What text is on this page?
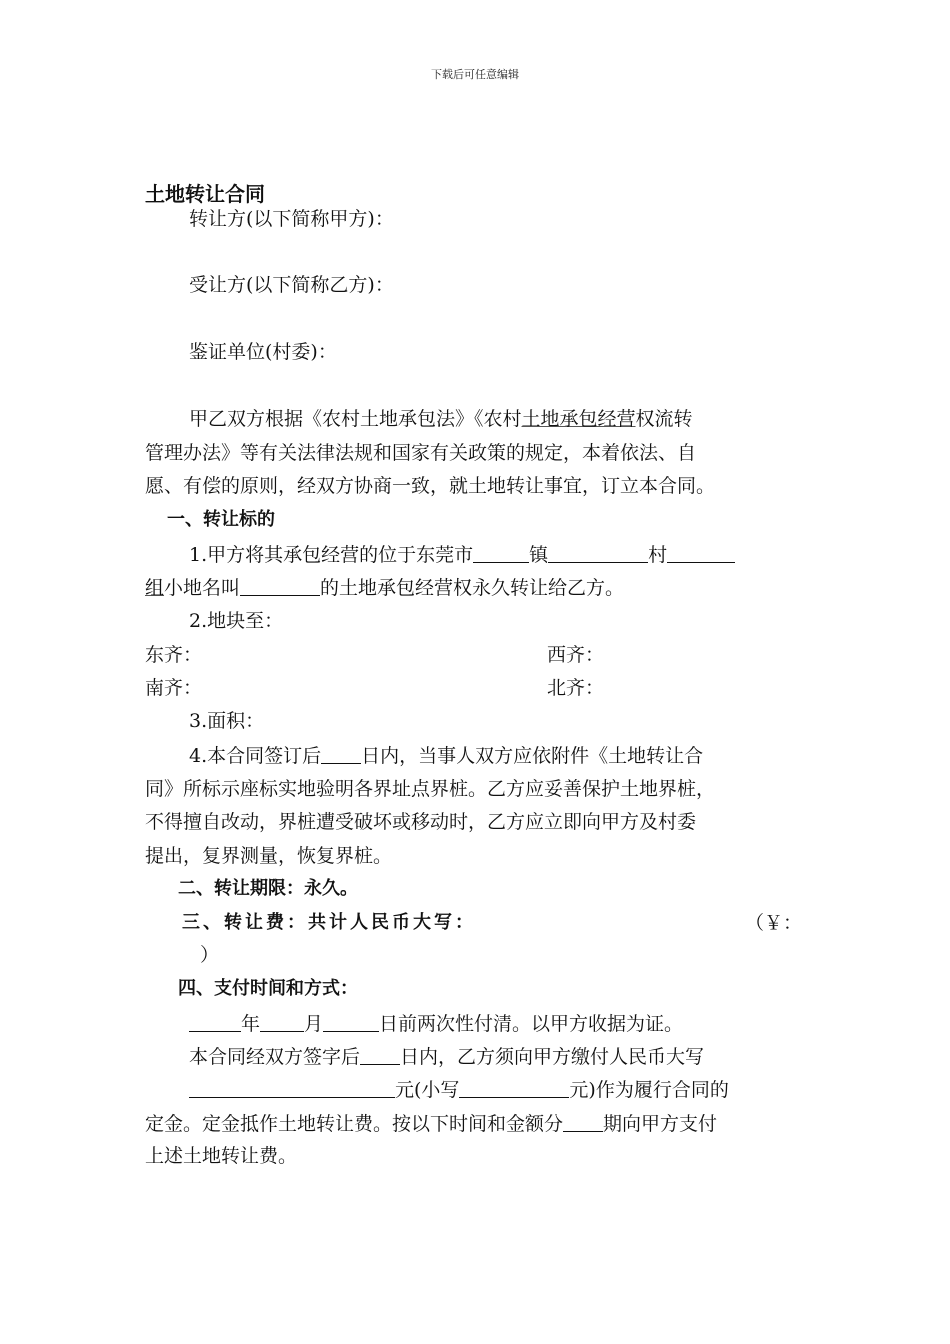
下载后可任意编辑
土地转让合同
转让方(以下简称甲方)：
受让方(以下简称乙方)：
鉴证单位(村委)：
甲乙双方根据《农村土地承包法》《农村土地承包经营权流转
管理办法》等有关法律法规和国家有关政策的规定，本着依法、自
愿、有偿的原则，经双方协商一致，就土地转让事宜，订立本合同。
一、转让标的
1.甲方将其承包经营的位于东莞市	镇	村
组小地名叫	的土地承包经营权永久转让给乙方。
2.地块至：
东齐：	西齐：
南齐：	北齐：
3.面积：
4.本合同签订后 日内，当事人双方应依附件《土地转让合
同》所标示座标实地验明各界址点界桩。乙方应妥善保护土地界桩，
不得擅自改动，界桩遭受破坏或移动时，乙方应立即向甲方及村委
提出，复界测量，恢复界桩。
二、转让期限：永久。
三、转让费：共计人民币大写：	（￥：
）
四、支付时间和方式：
年 月	日前两次性付清。以甲方收据为证。
本合同经双方签字后 日内，乙方须向甲方缴付人民币大写
元(小写	元)作为履行合同的
定金。定金抵作土地转让费。按以下时间和金额分 期向甲方支付
上述土地转让费。
